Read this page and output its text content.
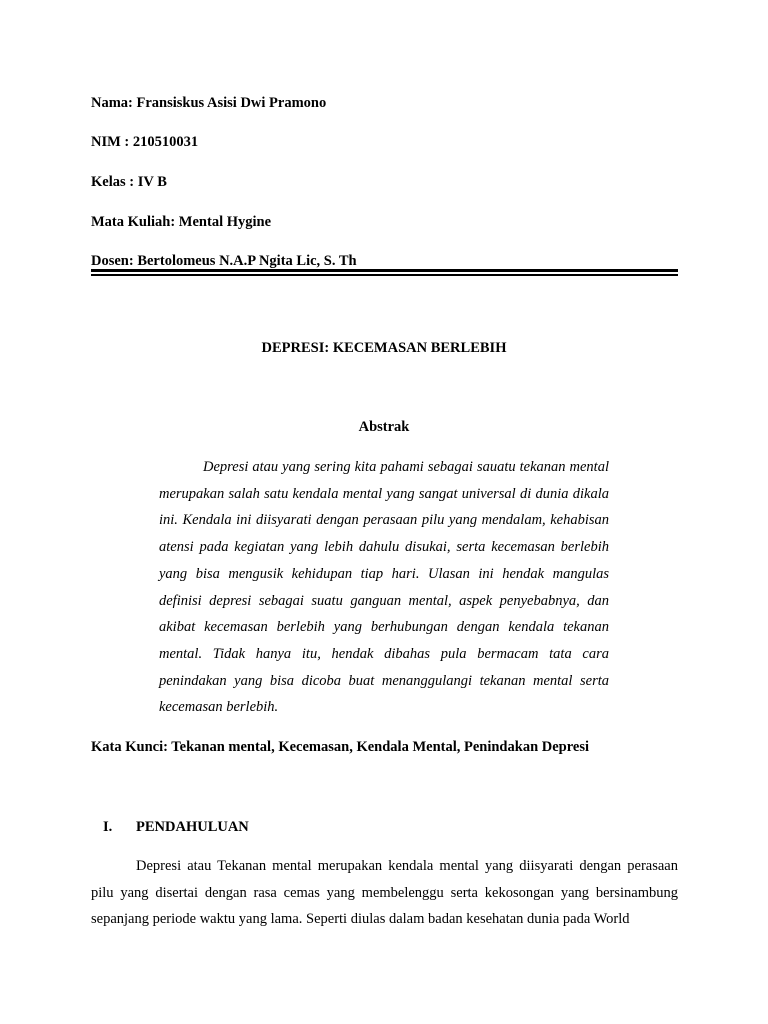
Nama: Fransiskus Asisi Dwi Pramono
NIM : 210510031
Kelas : IV B
Mata Kuliah: Mental Hygine
Dosen: Bertolomeus N.A.P Ngita Lic, S. Th
DEPRESI: KECEMASAN BERLEBIH
Abstrak
Depresi atau yang sering kita pahami sebagai sauatu tekanan mental merupakan salah satu kendala mental yang sangat universal di dunia dikala ini. Kendala ini diisyarati dengan perasaan pilu yang mendalam, kehabisan atensi pada kegiatan yang lebih dahulu disukai, serta kecemasan berlebih yang bisa mengusik kehidupan tiap hari. Ulasan ini hendak mangulas definisi depresi sebagai suatu ganguan mental, aspek penyebabnya, dan akibat kecemasan berlebih yang berhubungan dengan kendala tekanan mental. Tidak hanya itu, hendak dibahas pula bermacam tata cara penindakan yang bisa dicoba buat menanggulangi tekanan mental serta kecemasan berlebih.
Kata Kunci: Tekanan mental, Kecemasan, Kendala Mental, Penindakan Depresi
I. PENDAHULUAN
Depresi atau Tekanan mental merupakan kendala mental yang diisyarati dengan perasaan pilu yang disertai dengan rasa cemas yang membelenggu serta kekosongan yang bersinambung sepanjang periode waktu yang lama. Seperti diulas dalam badan kesehatan dunia pada World
